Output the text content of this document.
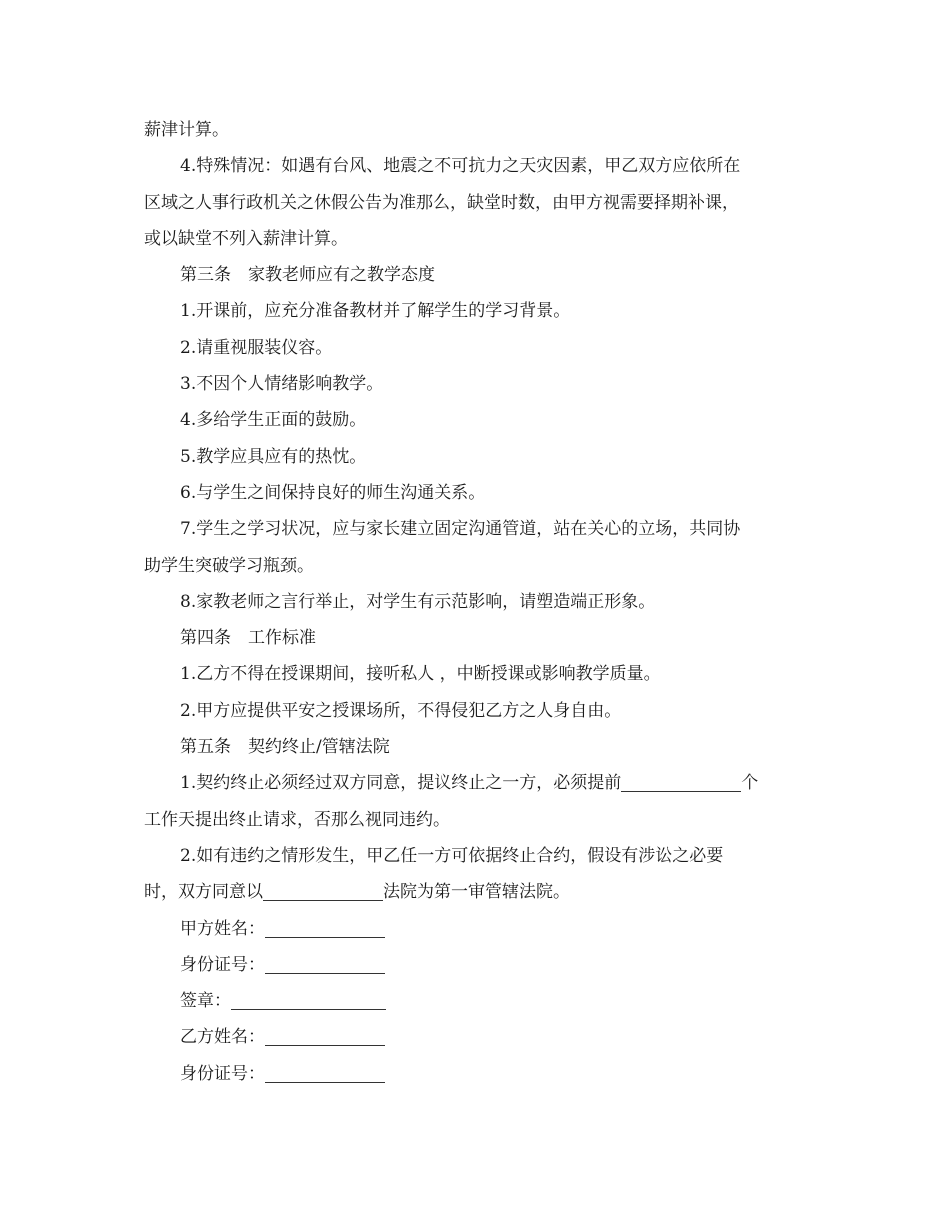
薪津计算。
4.特殊情况：如遇有台风、地震之不可抗力之天灾因素，甲乙双方应依所在
区域之人事行政机关之休假公告为准那么，缺堂时数，由甲方视需要择期补课，
或以缺堂不列入薪津计算。
第三条　家教老师应有之教学态度
1.开课前，应充分准备教材并了解学生的学习背景。
2.请重视服装仪容。
3.不因个人情绪影响教学。
4.多给学生正面的鼓励。
5.教学应具应有的热忱。
6.与学生之间保持良好的师生沟通关系。
7.学生之学习状况，应与家长建立固定沟通管道，站在关心的立场，共同协
助学生突破学习瓶颈。
8.家教老师之言行举止，对学生有示范影响，请塑造端正形象。
第四条　工作标准
1.乙方不得在授课期间，接听私人 ，中断授课或影响教学质量。
2.甲方应提供平安之授课场所，不得侵犯乙方之人身自由。
第五条　契约终止/管辖法院
1.契约终止必须经过双方同意，提议终止之一方，必须提前	个
工作天提出终止请求，否那么视同违约。
2.如有违约之情形发生，甲乙任一方可依据终止合约，假设有涉讼之必要
时，双方同意以	法院为第一审管辖法院。
甲方姓名：
身份证号：
签章：
乙方姓名：
身份证号：
